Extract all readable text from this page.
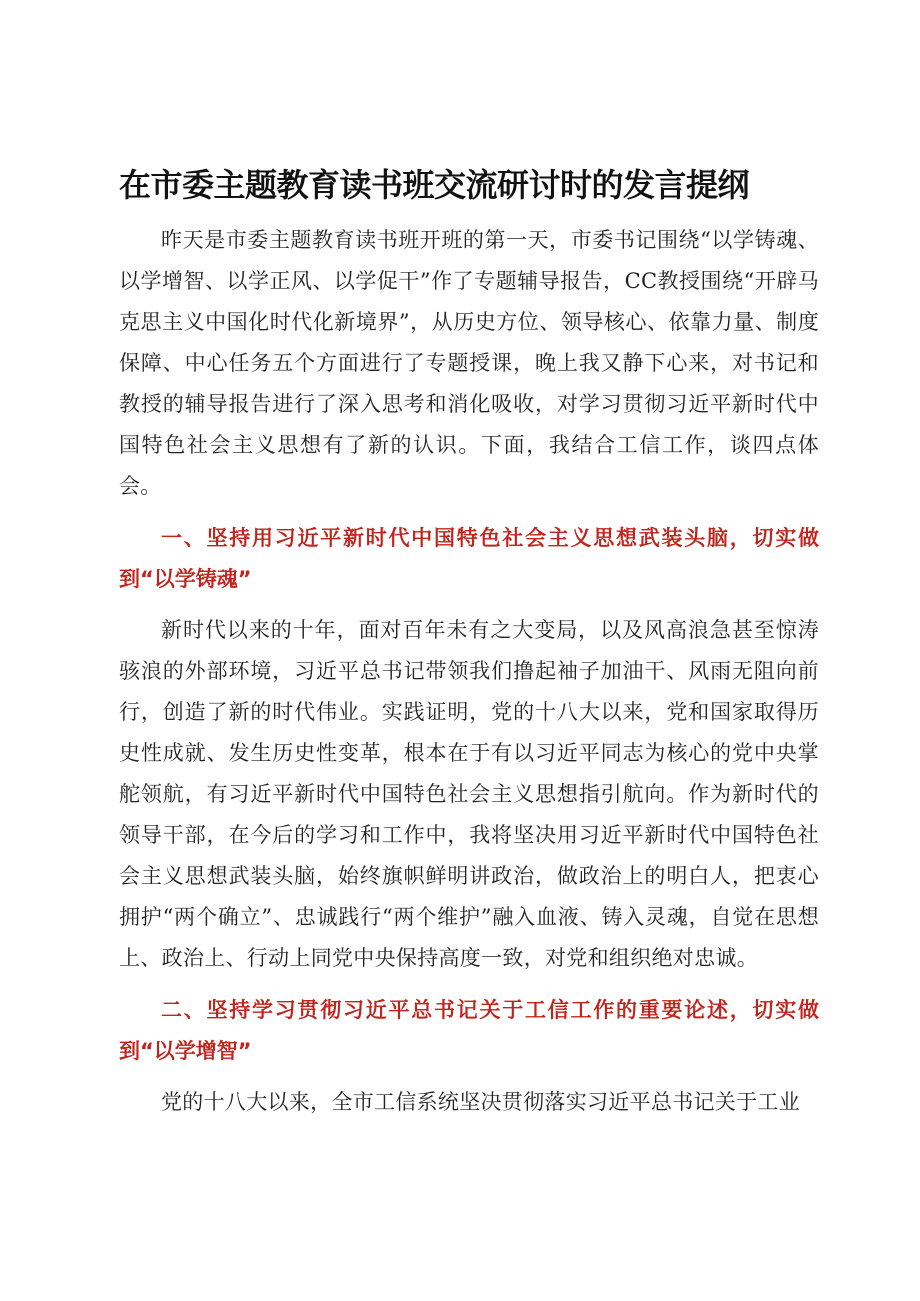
在市委主题教育读书班交流研讨时的发言提纲

昨天是市委主题教育读书班开班的第一天，市委书记围绕“以学铸魂、以学增智、以学正风、以学促干”作了专题辅导报告，CC教授围绕“开辟马克思主义中国化时代化新境界”，从历史方位、领导核心、依靠力量、制度保障、中心任务五个方面进行了专题授课，晚上我又静下心来，对书记和教授的辅导报告进行了深入思考和消化吸收，对学习贯彻习近平新时代中国特色社会主义思想有了新的认识。下面，我结合工信工作，谈四点体会。

一、坚持用习近平新时代中国特色社会主义思想武装头脑，切实做到“以学铸魂”

新时代以来的十年，面对百年未有之大变局，以及风高浪急甚至惊涛骇浪的外部环境，习近平总书记带领我们撸起袖子加油干、风雨无阻向前行，创造了新的时代伟业。实践证明，党的十八大以来，党和国家取得历史性成就、发生历史性变革，根本在于有以习近平同志为核心的党中央掌舵领航，有习近平新时代中国特色社会主义思想指引航向。作为新时代的领导干部，在今后的学习和工作中，我将坚决用习近平新时代中国特色社会主义思想武装头脑，始终旗帜鲜明讲政治，做政治上的明白人，把衷心拥护“两个确立”、忠诚践行“两个维护”融入血液、铸入灵魂，自觉在思想上、政治上、行动上同党中央保持高度一致，对党和组织绝对忠诚。

二、坚持学习贯彻习近平总书记关于工信工作的重要论述，切实做到“以学增智”

党的十八大以来，全市工信系统坚决贯彻落实习近平总书记关于工业
